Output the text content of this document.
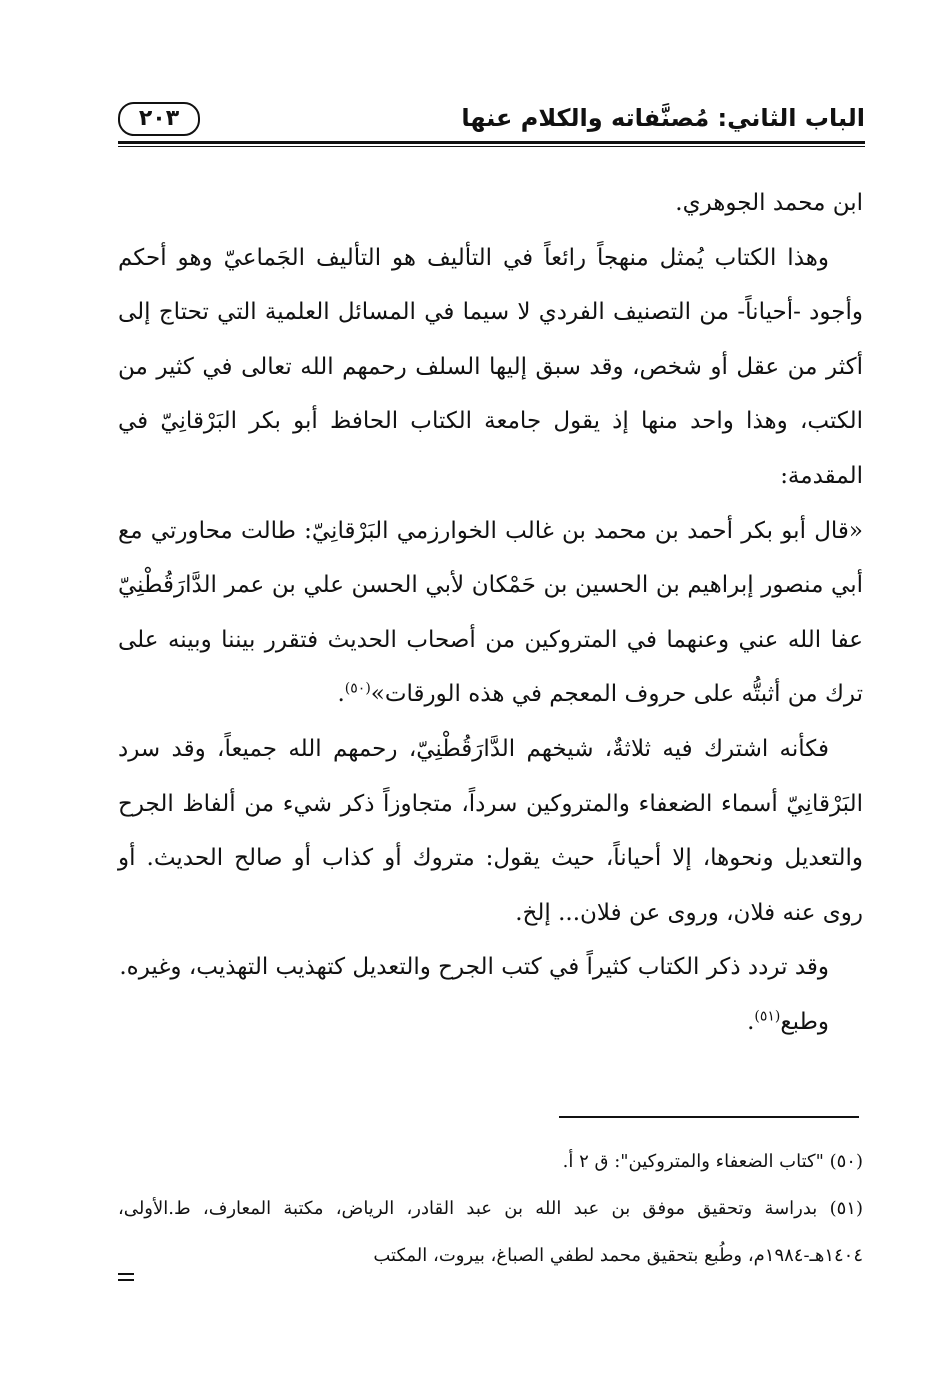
الباب الثاني: مُصنَّفاته والكلام عنها
٢٠٣

ابن محمد الجوهري.

وهذا الكتاب يُمثل منهجاً رائعاً في التأليف هو التأليف الجَماعيّ وهو أحكم وأجود -أحياناً- من التصنيف الفردي لا سيما في المسائل العلمية التي تحتاج إلى أكثر من عقل أو شخص، وقد سبق إليها السلف رحمهم الله تعالى في كثير من الكتب، وهذا واحد منها إذ يقول جامعة الكتاب الحافظ أبو بكر البَرْقانِيّ في المقدمة:

«قال أبو بكر أحمد بن محمد بن غالب الخوارزمي البَرْقانِيّ: طالت محاورتي مع أبي منصور إبراهيم بن الحسين بن حَمْكان لأبي الحسن علي بن عمر الدَّارَقُطْنِيّ عفا الله عني وعنهما في المتروكين من أصحاب الحديث فتقرر بيننا وبينه على ترك من أثبتُّه على حروف المعجم في هذه الورقات»$^{(٥٠)}$.

فكأنه اشترك فيه ثلاثةٌ، شيخهم الدَّارَقُطْنِيّ، رحمهم الله جميعاً، وقد سرد البَرْقانِيّ أسماء الضعفاء والمتروكين سرداً، متجاوزاً ذكر شيء من ألفاظ الجرح والتعديل ونحوها، إلا أحياناً، حيث يقول: متروك أو كذاب أو صالح الحديث. أو روى عنه فلان، وروى عن فلان... إلخ.

وقد تردد ذكر الكتاب كثيراً في كتب الجرح والتعديل كتهذيب التهذيب، وغيره.

وطبع$^{(٥١)}$.

(٥٠) "كتاب الضعفاء والمتروكين": ق ٢ أ.

(٥١) بدراسة وتحقيق موفق بن عبد الله بن عبد القادر، الرياض، مكتبة المعارف، ط.الأولى، ١٤٠٤هـ-١٩٨٤م، وطُبع بتحقيق محمد لطفي الصباغ، بيروت، المكتب
